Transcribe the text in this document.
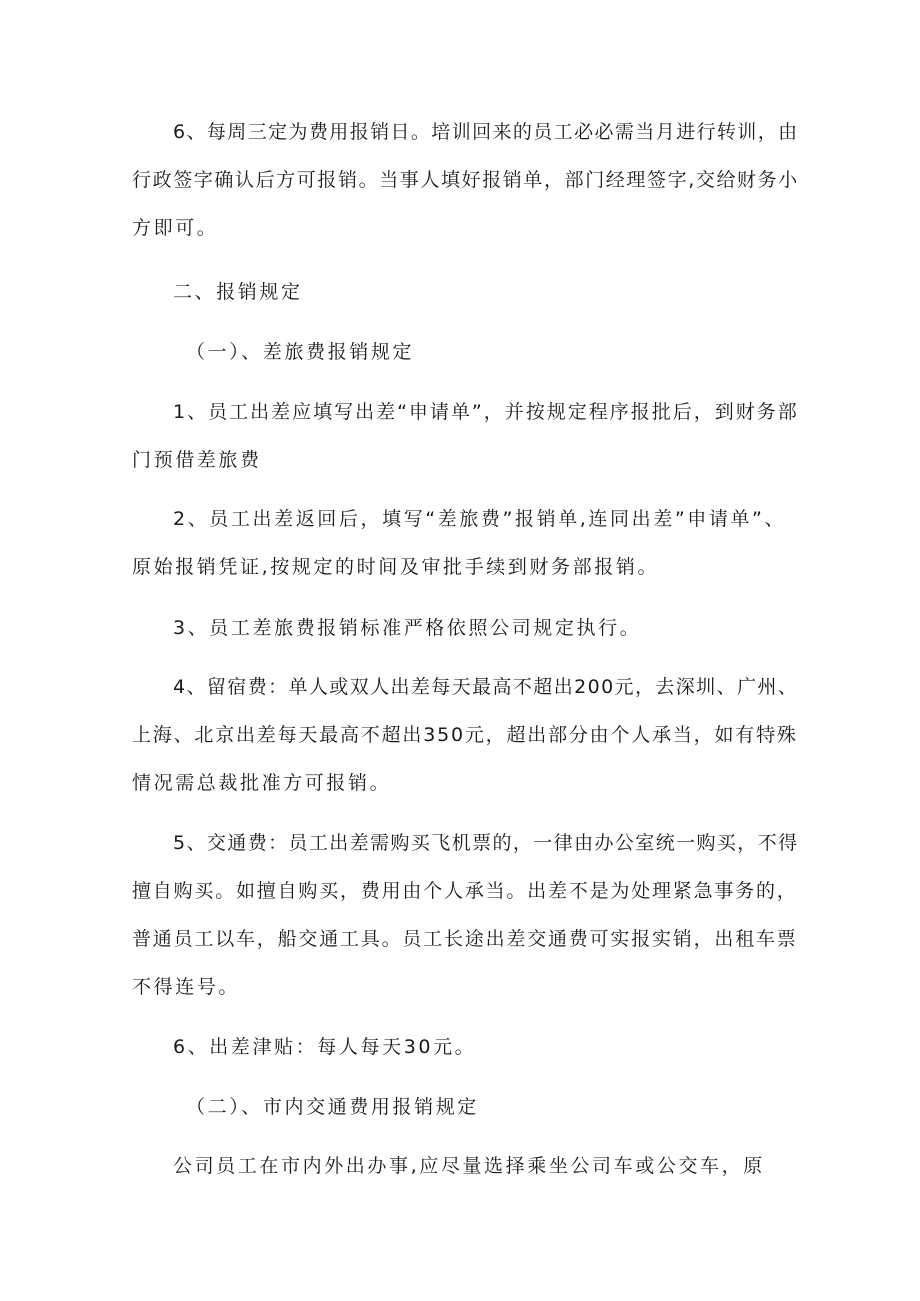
6、每周三定为费用报销日。培训回来的员工必必需当月进行转训，由
行政签字确认后方可报销。当事人填好报销单，部门经理签字,交给财务小
方即可。
二、报销规定
（一）、差旅费报销规定
1、员工出差应填写出差“申请单”，并按规定程序报批后，到财务部
门预借差旅费
2、员工出差返回后，填写“差旅费”报销单,连同出差”申请单”、
原始报销凭证,按规定的时间及审批手续到财务部报销。
3、员工差旅费报销标准严格依照公司规定执行。
4、留宿费：单人或双人出差每天最高不超出200元，去深圳、广州、
上海、北京出差每天最高不超出350元，超出部分由个人承当，如有特殊
情况需总裁批准方可报销。
5、交通费：员工出差需购买飞机票的，一律由办公室统一购买，不得
擅自购买。如擅自购买，费用由个人承当。出差不是为处理紧急事务的，
普通员工以车，船交通工具。员工长途出差交通费可实报实销，出租车票
不得连号。
6、出差津贴：每人每天30元。
（二）、市内交通费用报销规定
公司员工在市内外出办事,应尽量选择乘坐公司车或公交车，原
